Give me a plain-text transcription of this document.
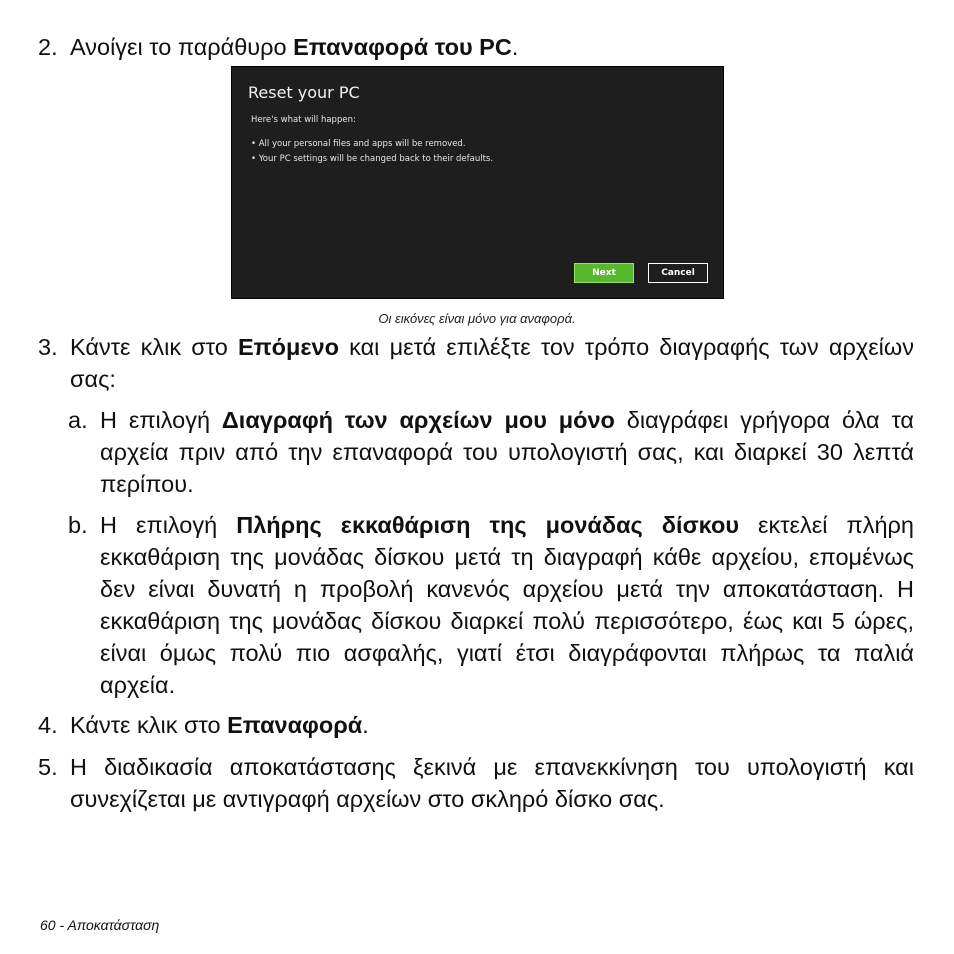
2. Ανοίγει το παράθυρο Επαναφορά του PC.
Reset your PC
Here's what will happen:
• All your personal files and apps will be removed.
• Your PC settings will be changed back to their defaults.
Next	Cancel
Οι εικόνες είναι μόνο για αναφορά.
3. Κάντε κλικ στο Επόμενο και μετά επιλέξτε τον τρόπο διαγραφής των αρχείων σας:
a. Η επιλογή Διαγραφή των αρχείων μου μόνο διαγράφει γρήγορα όλα τα αρχεία πριν από την επαναφορά του υπολογιστή σας, και διαρκεί 30 λεπτά περίπου.
b. Η επιλογή Πλήρης εκκαθάριση της μονάδας δίσκου εκτελεί πλήρη εκκαθάριση της μονάδας δίσκου μετά τη διαγραφή κάθε αρχείου, επομένως δεν είναι δυνατή η προβολή κανενός αρχείου μετά την αποκατάσταση. Η εκκαθάριση της μονάδας δίσκου διαρκεί πολύ περισσότερο, έως και 5 ώρες, είναι όμως πολύ πιο ασφαλής, γιατί έτσι διαγράφονται πλήρως τα παλιά αρχεία.
4. Κάντε κλικ στο Επαναφορά.
5. Η διαδικασία αποκατάστασης ξεκινά με επανεκκίνηση του υπολογιστή και συνεχίζεται με αντιγραφή αρχείων στο σκληρό δίσκο σας.
60 - Αποκατάσταση
